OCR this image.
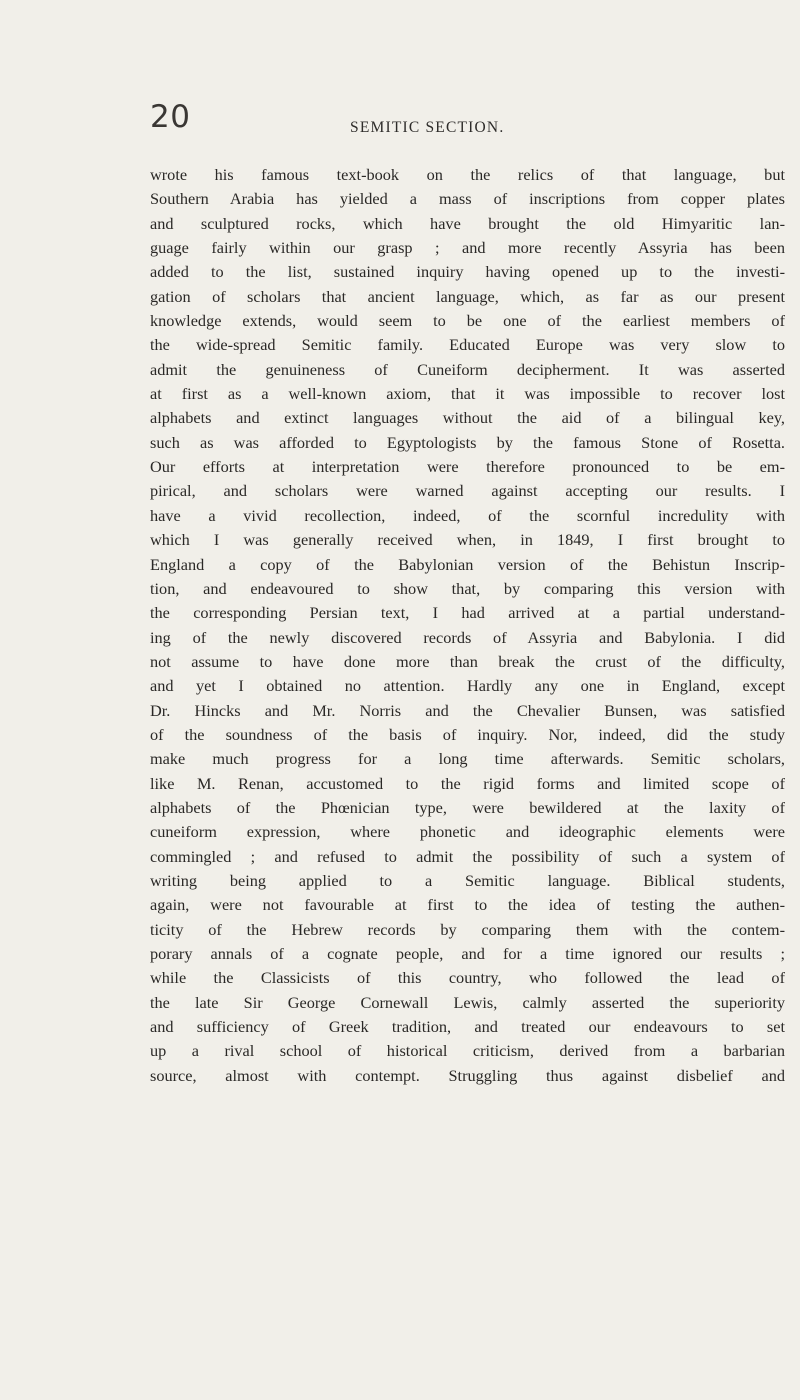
20	SEMITIC SECTION.
wrote his famous text-book on the relics of that language, but
Southern Arabia has yielded a mass of inscriptions from copper plates
and sculptured rocks, which have brought the old Himyaritic lan-
guage fairly within our grasp ; and more recently Assyria has been
added to the list, sustained inquiry having opened up to the investi-
gation of scholars that ancient language, which, as far as our present
knowledge extends, would seem to be one of the earliest members of
the wide-spread Semitic family. Educated Europe was very slow to
admit the genuineness of Cuneiform decipherment. It was asserted
at first as a well-known axiom, that it was impossible to recover lost
alphabets and extinct languages without the aid of a bilingual key,
such as was afforded to Egyptologists by the famous Stone of Rosetta.
Our efforts at interpretation were therefore pronounced to be em-
pirical, and scholars were warned against accepting our results. I
have a vivid recollection, indeed, of the scornful incredulity with
which I was generally received when, in 1849, I first brought to
England a copy of the Babylonian version of the Behistun Inscrip-
tion, and endeavoured to show that, by comparing this version with
the corresponding Persian text, I had arrived at a partial understand-
ing of the newly discovered records of Assyria and Babylonia. I did
not assume to have done more than break the crust of the difficulty,
and yet I obtained no attention. Hardly any one in England, except
Dr. Hincks and Mr. Norris and the Chevalier Bunsen, was satisfied
of the soundness of the basis of inquiry. Nor, indeed, did the study
make much progress for a long time afterwards. Semitic scholars,
like M. Renan, accustomed to the rigid forms and limited scope of
alphabets of the Phœnician type, were bewildered at the laxity of
cuneiform expression, where phonetic and ideographic elements were
commingled ; and refused to admit the possibility of such a system of
writing being applied to a Semitic language. Biblical students,
again, were not favourable at first to the idea of testing the authen-
ticity of the Hebrew records by comparing them with the contem-
porary annals of a cognate people, and for a time ignored our results ;
while the Classicists of this country, who followed the lead of
the late Sir George Cornewall Lewis, calmly asserted the superiority
and sufficiency of Greek tradition, and treated our endeavours to set
up a rival school of historical criticism, derived from a barbarian
source, almost with contempt. Struggling thus against disbelief and
